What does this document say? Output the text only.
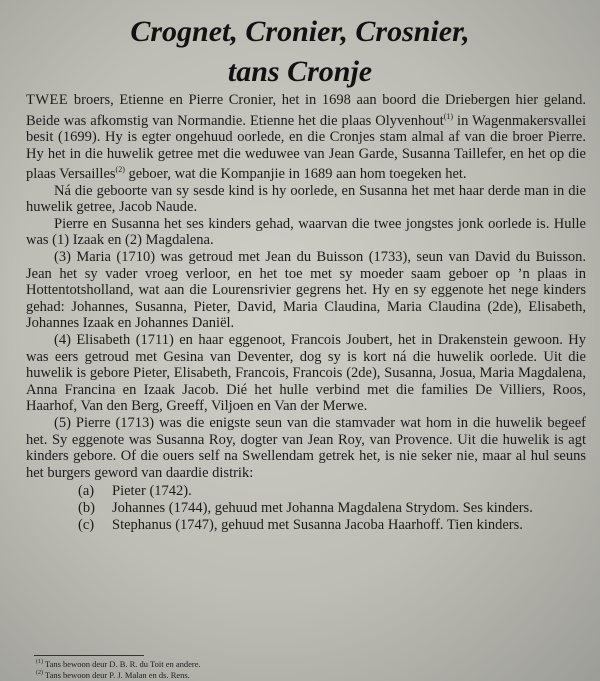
Crognet, Cronier, Crosnier,
tans Cronje

TWEE broers, Etienne en Pierre Cronier, het in 1698 aan boord die Driebergen hier geland. Beide was afkomstig van Normandie. Etienne het die plaas Olyvenhout$^{(1)}$ in Wagenmakersvallei besit (1699). Hy is egter ongehuud oorlede, en die Cronjes stam almal af van die broer Pierre. Hy het in die huwelik getree met die weduwee van Jean Garde, Susanna Taillefer, en het op die plaas Versailles$^{(2)}$ geboer, wat die Kompanjie in 1689 aan hom toegeken het.

Ná die geboorte van sy sesde kind is hy oorlede, en Susanna het met haar derde man in die huwelik getree, Jacob Naude.

Pierre en Susanna het ses kinders gehad, waarvan die twee jongstes jonk oorlede is. Hulle was (1) Izaak en (2) Magdalena.

(3) Maria (1710) was getroud met Jean du Buisson (1733), seun van David du Buisson. Jean het sy vader vroeg verloor, en het toe met sy moeder saam geboer op ’n plaas in Hottentotsholland, wat aan die Lourensrivier gegrens het. Hy en sy eggenote het nege kinders gehad: Johannes, Susanna, Pieter, David, Maria Claudina, Maria Claudina (2de), Elisabeth, Johannes Izaak en Johannes Daniël.

(4) Elisabeth (1711) en haar eggenoot, Francois Joubert, het in Drakenstein gewoon. Hy was eers getroud met Gesina van Deventer, dog sy is kort ná die huwelik oorlede. Uit die huwelik is gebore Pieter, Elisabeth, Francois, Francois (2de), Susanna, Josua, Maria Magdalena, Anna Francina en Izaak Jacob. Dié het hulle verbind met die families De Villiers, Roos, Haarhof, Van den Berg, Greeff, Viljoen en Van der Merwe.

(5) Pierre (1713) was die enigste seun van die stamvader wat hom in die huwelik begeef het. Sy eggenote was Susanna Roy, dogter van Jean Roy, van Provence. Uit die huwelik is agt kinders gebore. Of die ouers self na Swellendam getrek het, is nie seker nie, maar al hul seuns het burgers geword van daardie distrik:

(a) Pieter (1742).
(b) Johannes (1744), gehuud met Johanna Magdalena Strydom. Ses kinders.
(c) Stephanus (1747), gehuud met Susanna Jacoba Haarhoff. Tien kinders.
$^{(1)}$ Tans bewoon deur D. B. R. du Toit en andere.
$^{(2)}$ Tans bewoon deur P. J. Malan en ds. Rens.
